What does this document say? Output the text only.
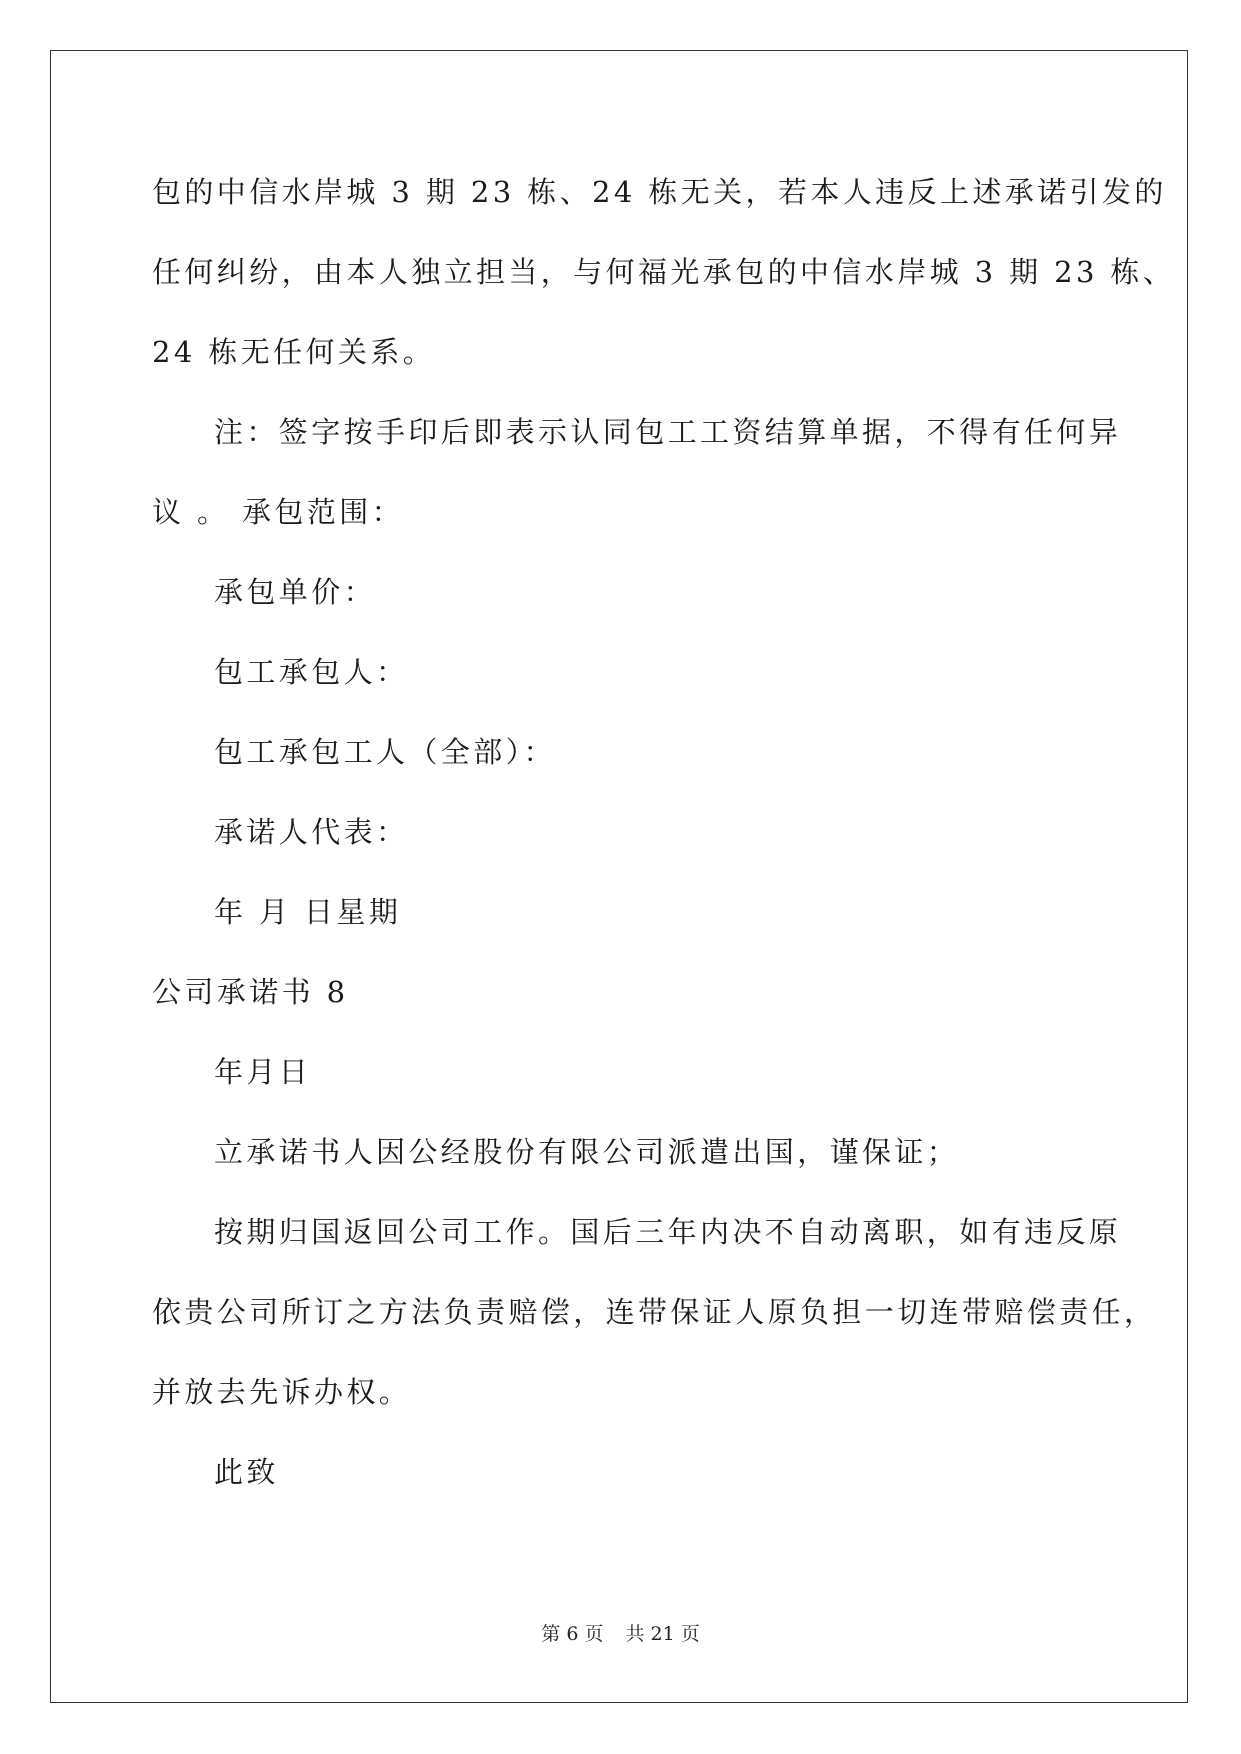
包的中信水岸城 3 期 23 栋、24 栋无关，若本人违反上述承诺引发的
任何纠纷，由本人独立担当，与何福光承包的中信水岸城 3 期 23 栋、
24 栋无任何关系。
注：签字按手印后即表示认同包工工资结算单据，不得有任何异
议 。 承包范围：
承包单价：
包工承包人：
包工承包工人（全部）：
承诺人代表：
年 月 日星期
公司承诺书 8
年月日
立承诺书人因公经股份有限公司派遣出国，谨保证；
按期归国返回公司工作。国后三年内决不自动离职，如有违反原
依贵公司所订之方法负责赔偿，连带保证人原负担一切连带赔偿责任，
并放去先诉办权。
此致
第 6 页 共 21 页
